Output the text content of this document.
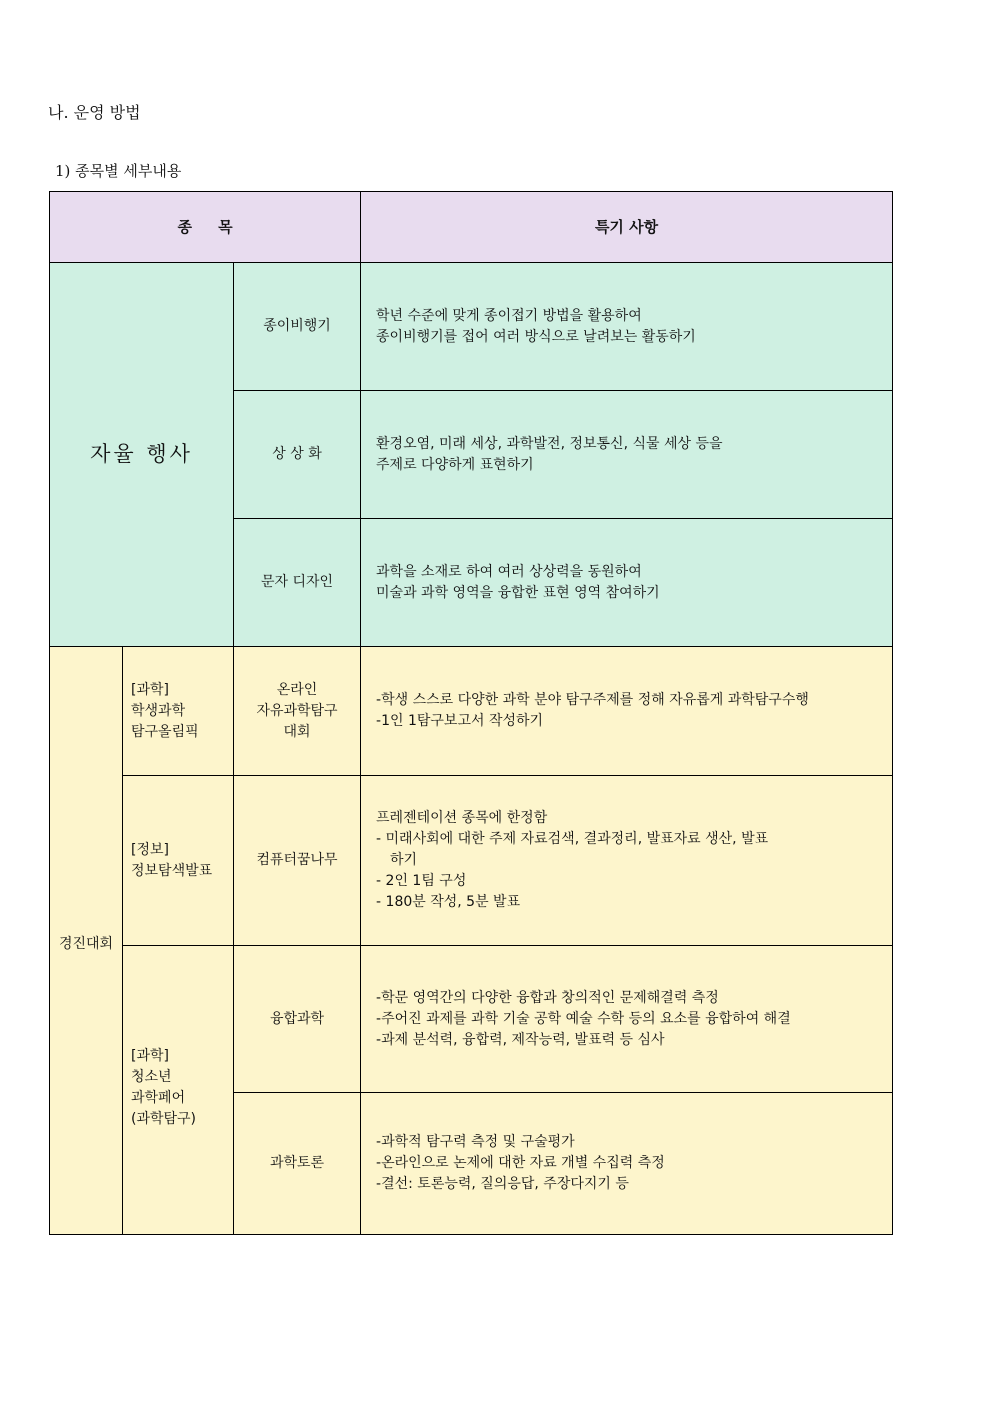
나. 운영 방법
1) 종목별 세부내용
종     목			특기 사항
자율 행사		종이비행기	학년 수준에 맞게 종이접기 방법을 활용하여
종이비행기를 접어 여러 방식으로 날려보는 활동하기

		상 상 화	환경오염, 미래 세상, 과학발전, 정보통신, 식물 세상 등을
주제로 다양하게 표현하기

		문자 디자인	과학을 소재로 하여 여러 상상력을 동원하여
미술과 과학 영역을 융합한 표현 영역 참여하기

경진대회	[과학]
학생과학
탐구올림픽	온라인
자유과학탐구
대회	-학생 스스로 다양한 과학 분야 탐구주제를 정해 자유롭게 과학탐구수행
-1인 1탐구보고서 작성하기

	[정보]
정보탐색발표	컴퓨터꿈나무	프레젠테이션 종목에 한정함
- 미래사회에 대한 주제 자료검색, 결과정리, 발표자료 생산, 발표
하기
- 2인 1팀 구성
- 180분 작성, 5분 발표

	[과학]
청소년
과학페어
(과학탐구)	융합과학	-학문 영역간의 다양한 융합과 창의적인 문제해결력 측정
-주어진 과제를 과학 기술 공학 예술 수학 등의 요소를 융합하여 해결
-과제 분석력, 융합력, 제작능력, 발표력 등 심사

		과학토론	-과학적 탐구력 측정 및 구술평가
-온라인으로 논제에 대한 자료 개별 수집력 측정
-결선: 토론능력, 질의응답, 주장다지기 등
